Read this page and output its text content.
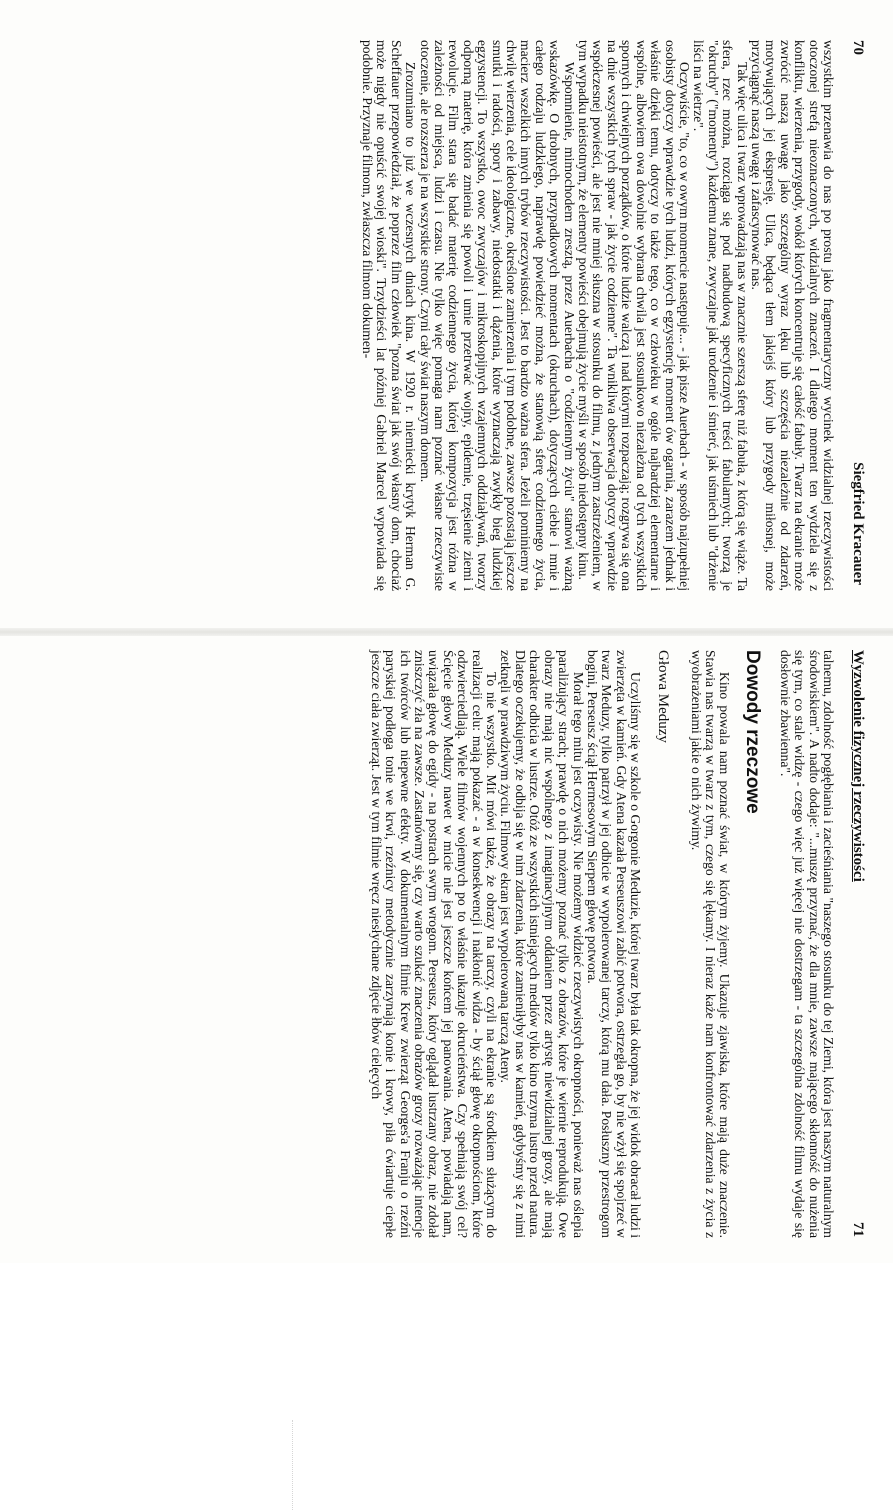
70
Siegfried Kracauer

wszystkim przenawia do nas po prostu jako fragmentaryczny wycinek widzialnej rzeczywistości otoczonej strefą nieoznaczonych, widzialnych znaczeń. I dlatego moment ten wydziela się z konfliktu, wierzenia, przygody, wokół których koncentruje się całość fabuły. Twarz na ekranie może zwrócić naszą uwagę jako szczególny wyraz lęku lub szczęścia niezależnie od zdarzeń, motywujących jej ekspresję. Ulica, będąca tłem jakiejś który lub przygody miłosnej, może przyciągnąć naszą uwagę i zafascynować nas.

Tak więc ulica i twarz wprowadzają nas w znacznie szerszą sferę niż fabuła, z którą się wiąże. Ta sfera, rzec można, rozciąga się pod nadbudową specyficznych treści fabularnych; tworzą je "okruchy" ("momenty") każdemu znane, zwyczajne jak urodzenie i śmierć, jak uśmiech lub "drżenie liści na wietrze".

Oczywiście, "to, co w owym momencie następuje... - jak pisze Auerbach - w sposób najzupełniej osobisty dotyczy wprawdzie tych ludzi, których egzystencję moment ów ogarnia, zarazem jednak i właśnie dzięki temu, dotyczy to także tego, co w człowieku w ogóle najbardziej elementarne i wspólne, albowiem owa dowolnie wybrana chwila jest stosunkowo niezależna od tych wszystkich spornych i chwiejnych porządków, o które ludzie walczą i nad którymi rozpaczają; rozgrywa się ona na dnie wszystkich tych spraw - jak życie codzienne". Ta wnikliwa obserwacja dotyczy wprawdzie współczesnej powieści, ale jest nie mniej słuszna w stosunku do filmu, z jednym zastrzeżeniem, w tym wypadku nieistotnym, że elementy powieści obejmują życie myśli w sposób niedostępny kinu.

Wspomnienie, mimochodem zresztą, przez Auerbacha o "codziennym życiu" stanowi ważną wskazówkę. O drobnych, przypadkowych momentach (okruchach), dotyczących ciebie i mnie i całego rodzaju ludzkiego, naprawdę powiedzieć można, że stanowią sferę codziennego życia, macierz wszelkich innych trybów rzeczywistości. Jest to bardzo ważna sfera. Jeżeli pominiemy na chwilę wierzenia, cele ideologiczne, określone zamierzenia i tym podobne, zawsze pozostają jeszcze smutki i radości, spory i zabawy, niedostatki i dążenia, które wyznaczają zwykły bieg ludzkiej egzystencji. To wszystko, owoc zwyczajów i mikroskopijnych wzajemnych oddziaływań, tworzy odporną materię, która zmienia się powoli i umie przetrwać wojny, epidemie, trzęsienie ziemi i rewolucje. Film stara się badać materię codziennego życia, której kompozycja jest różna w zależności od miejsca, ludzi i czasu. Nie tylko więc pomaga nam poznać własne rzeczywiste otoczenie, ale rozszerza je na wszystkie strony. Czyni cały świat naszym domem.

Zrozumiano to już we wczesnych dniach kina. W 1920 r. niemiecki krytyk Herman G. Scheffauer przepowiedział, że poprzez film człowiek "pozna świat jak swój własny dom, chociaż może nigdy nie opuścić swojej wioski". Trzydzieści lat później Gabriel Marcel wypowiada się podobnie. Przyznaje filmom, zwłaszcza filmom dokumen-

Wyzwolenie fizycznej rzeczywistości
71

talnemu, zdolność pogłębiania i zacieśniania "naszego stosunku do tej Ziemi, która jest naszym naturalnym środowiskiem". A nadto dodaje: "...muszę przyznać, że dla mnie, zawsze mającego skłonność do nużenia się tym, co stale widzę - czego więc już więcej nie dostrzegam - ta szczególna zdolność filmu wydaje się dosłownie zbawienna".

Dowody rzeczowe

Kino powala nam poznać świat, w którym żyjemy. Ukazuje zjawiska, które mają duże znaczenie. Stawia nas twarzą w twarz z tym, czego się lękamy. I nieraz każe nam konfrontować zdarzenia z życia z wyobrażeniami jakie o nich żywimy.

Głowa Meduzy

Uczyliśmy się w szkole o Gorgonie Meduzie, której twarz była tak okropna, że jej widok obracał ludzi i zwierzęta w kamień. Gdy Atena kazała Perseuszowi zabić potwora, ostrzegła go, by nie wżył się spojrzeć w twarz Meduzy, tylko patrzył w jej odbicie w wypolerowanej tarczy, którą mu dała. Posłuszny przestrogom bogini, Perseusz ściął Hermesowym Sierpem głowę potwora.

Morał tego mitu jest oczywisty. Nie możemy widzieć rzeczywistych okropności, ponieważ nas oślepia paraliżujący strach; prawdę o nich możemy poznać tylko z obrazów, które je wiernie reprodukują. Owe obrazy nie mają nic wspólnego z imaginacyjnym oddaniem przez artystę niewidzialnej grozy, ale mają charakter odbicia w lustrze. Otóż ze wszystkich istniejących mediów tylko kino trzyma lustro przed natura. Dlatego oczekujemy, że odbija się w nim zdarzenia, które zamieniłyby nas w kamień, gdybyśmy się z nimi zetknęli w prawdziwym życiu. Filmowy ekran jest wypolerowaną tarczą Ateny.

To nie wszystko. Mit mówi także, że obrazy na tarczy, czyli na ekranie są środkiem służącym do realizacji celu: mają pokazać - a w konsekwencji i nakłonić widza - by ściął głowę okropnościom, które odzwierciedlają. Wiele filmów wojennych po to właśnie ukazuje okrucieństwa. Czy spełniają swój cel? Ścięcie głowy Meduzy nawet w micie nie jest jeszcze końcem jej panowania. Atena, powiadają nam, uwiązała głowę do egidy - na postrach swym wrogom. Perseusz, który oglądał lustrzany obraz, nie zdołał zniszczyć zła na zawsze. Zastanówmy się, czy warto szukać znaczenia obrazów grozy rozważając intencje ich twórców lub niepewne efekty. W dokumentalnym filmie Krew zwierząt Georges'a Franju o rzeźni paryskiej podłoga tonie we krwi, rzeźnicy metodycznie zarzynają konie i krowy, piła ćwiartuje ciepłe jeszcze ciała zwierząt. Jest w tym filmie wręcz niesłychane zdjęcie łbów cielęcych
